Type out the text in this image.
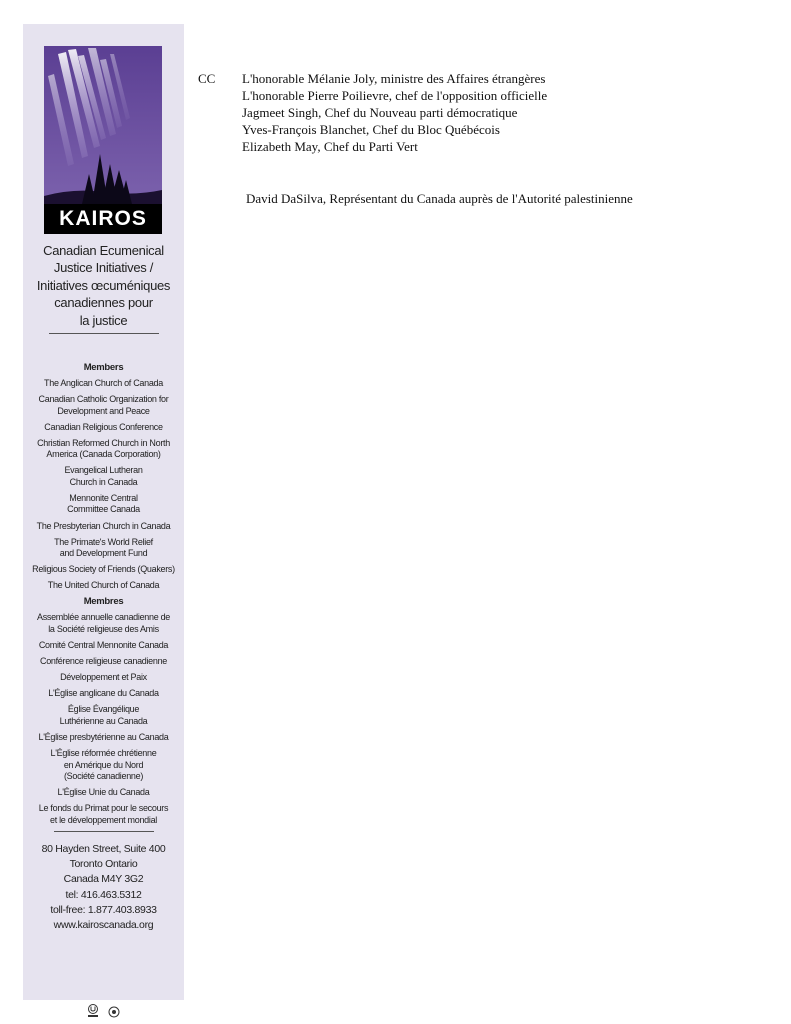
KAIROS
Canadian Ecumenical
Justice Initiatives /
Initiatives œcuméniques
canadiennes pour
la justice
Members
The Anglican Church of Canada
Canadian Catholic Organization for Development and Peace
Canadian Religious Conference
Christian Reformed Church in North America (Canada Corporation)
Evangelical Lutheran Church in Canada
Mennonite Central Committee Canada
The Presbyterian Church in Canada
The Primate's World Relief and Development Fund
Religious Society of Friends (Quakers)
The United Church of Canada
Membres
Assemblée annuelle canadienne de la Société religieuse des Amis
Comité Central Mennonite Canada
Conférence religieuse canadienne
Développement et Paix
L'Église anglicane du Canada
Église Évangélique Luthérienne au Canada
L'Église presbytérienne au Canada
L'Église réformée chrétienne en Amérique du Nord (Société canadienne)
L'Église Unie du Canada
Le fonds du Primat pour le secours et le développement mondial
80 Hayden Street, Suite 400
Toronto Ontario
Canada M4Y 3G2
tel: 416.463.5312
toll-free: 1.877.403.8933
www.kairoscanada.org

CC L'honorable Mélanie Joly, ministre des Affaires étrangères
L'honorable Pierre Poilievre, chef de l'opposition officielle
Jagmeet Singh, Chef du Nouveau parti démocratique
Yves-François Blanchet, Chef du Bloc Québécois
Elizabeth May, Chef du Parti Vert
David DaSilva, Représentant du Canada auprès de l'Autorité palestinienne
